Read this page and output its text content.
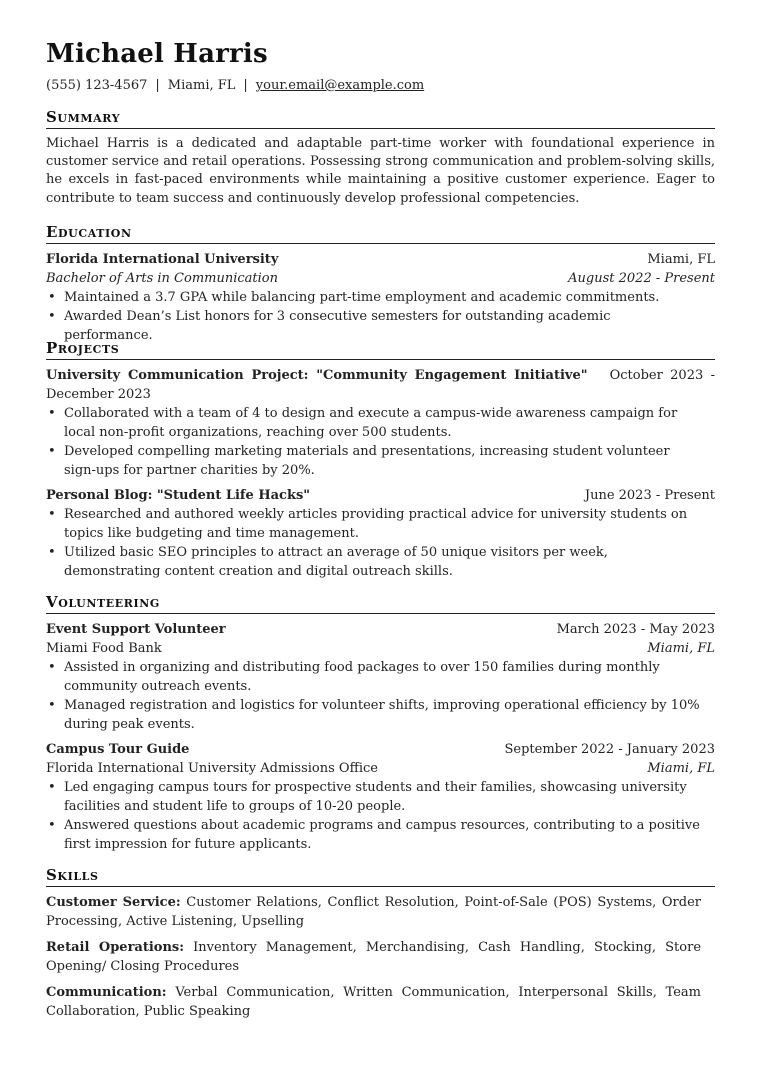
Michael Harris
(555) 123-4567 | Miami, FL | your.email@example.com
Summary

Michael Harris is a dedicated and adaptable part-time worker with foundational experience in customer service and retail operations. Possessing strong communication and problem-solving skills, he excels in fast-paced environments while maintaining a positive customer experience. Eager to contribute to team success and continuously develop professional competencies.

Education
Florida International University	Miami, FL
Bachelor of Arts in Communication	August 2022 - Present
• Maintained a 3.7 GPA while balancing part-time employment and academic commitments.
• Awarded Dean’s List honors for 3 consecutive semesters for outstanding academic performance.
Projects
University Communication Project: "Community Engagement Initiative" October 2023 - December 2023
• Collaborated with a team of 4 to design and execute a campus-wide awareness campaign for local non-profit organizations, reaching over 500 students.
• Developed compelling marketing materials and presentations, increasing student volunteer sign-ups for partner charities by 20%.
Personal Blog: "Student Life Hacks"	June 2023 - Present
• Researched and authored weekly articles providing practical advice for university students on topics like budgeting and time management.
• Utilized basic SEO principles to attract an average of 50 unique visitors per week, demonstrating content creation and digital outreach skills.
Volunteering
Event Support Volunteer	March 2023 - May 2023
Miami Food Bank	Miami, FL
• Assisted in organizing and distributing food packages to over 150 families during monthly community outreach events.
• Managed registration and logistics for volunteer shifts, improving operational efficiency by 10% during peak events.
Campus Tour Guide	September 2022 - January 2023
Florida International University Admissions Office	Miami, FL
• Led engaging campus tours for prospective students and their families, showcasing university facilities and student life to groups of 10-20 people.
• Answered questions about academic programs and campus resources, contributing to a positive first impression for future applicants.
Skills

Customer Service: Customer Relations, Conflict Resolution, Point-of-Sale (POS) Systems, Order Processing, Active Listening, Upselling

Retail Operations: Inventory Management, Merchandising, Cash Handling, Stocking, Store Opening/ Closing Procedures

Communication: Verbal Communication, Written Communication, Interpersonal Skills, Team Collaboration, Public Speaking
